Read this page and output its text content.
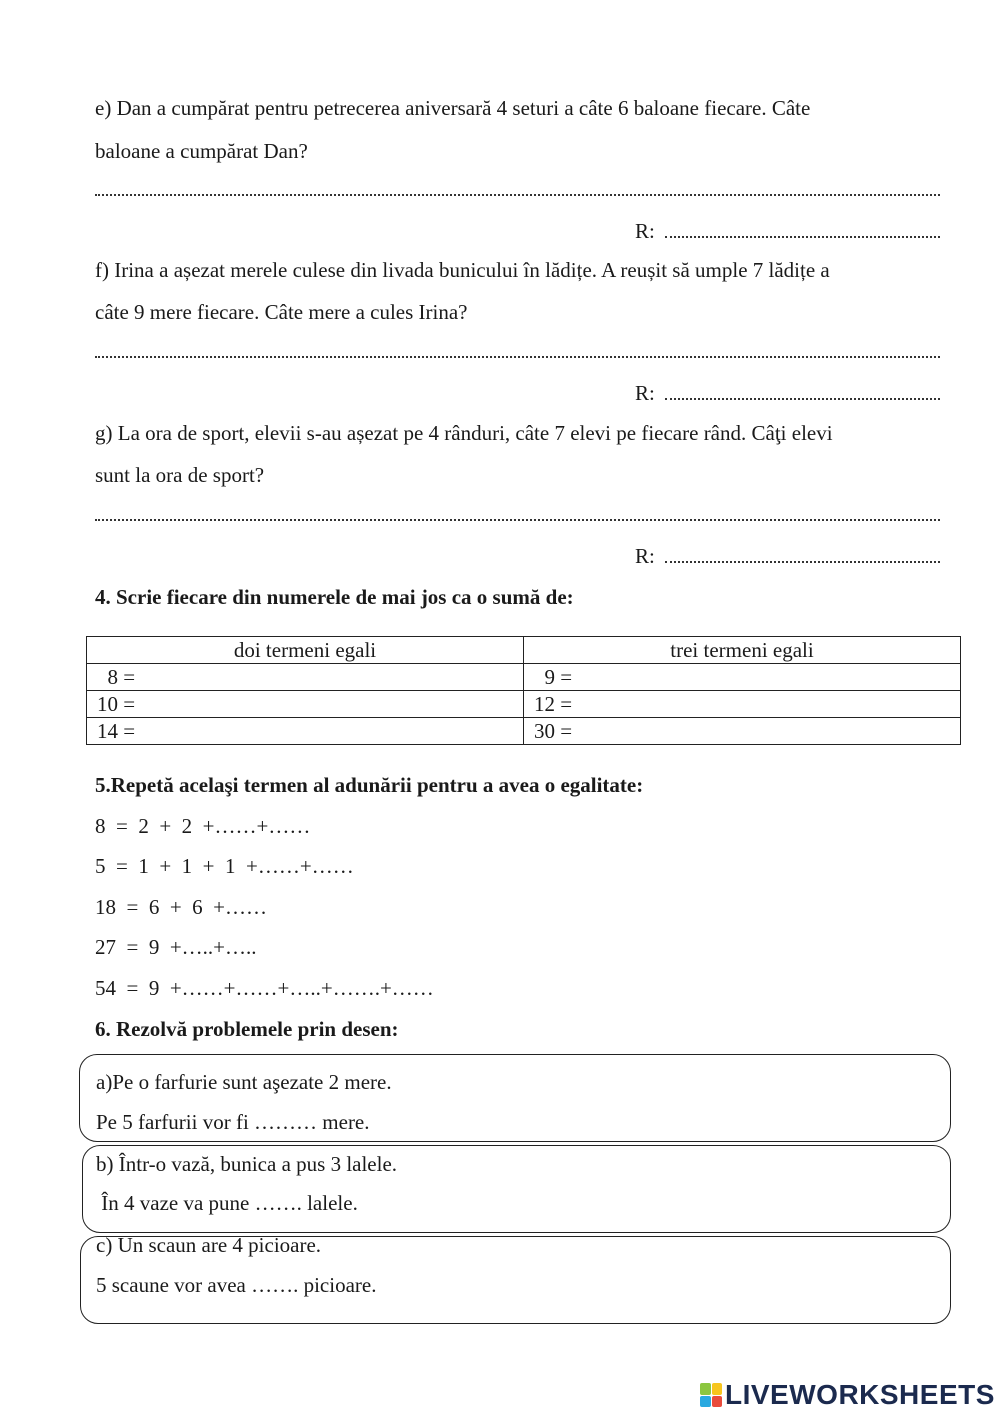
e) Dan a cumpărat pentru petrecerea aniversară 4 seturi a câte 6 baloane fiecare. Câte
baloane a cumpărat Dan?
R:
f) Irina a așezat merele culese din livada bunicului în lădițe. A reușit să umple 7 lădițe a
câte 9 mere fiecare. Câte mere a cules Irina?
R:
g) La ora de sport, elevii s-au așezat pe 4 rânduri, câte 7 elevi pe fiecare rând. Câţi elevi
sunt la ora de sport?
R:
4. Scrie fiecare din numerele de mai jos ca o sumă de:
doi termeni egali	trei termeni egali
8 =	9 =
10 =	12 =
14 =	30 =
5.Repetă acelaşi termen al adunării pentru a avea o egalitate:
8  =  2  +  2  +……+……
5  =  1  +  1  +  1  +……+……
18  =  6  +  6  +……
27  =  9  +…..+…..
54  =  9  +……+……+…..+…….+……
6. Rezolvă problemele prin desen:
a)Pe o farfurie sunt aşezate 2 mere.
Pe 5 farfurii vor fi ……… mere.
b) Într-o vază, bunica a pus 3 lalele.
În 4 vaze va pune ……. lalele.
c) Un scaun are 4 picioare.
5 scaune vor avea ……. picioare.
LIVEWORKSHEETS
